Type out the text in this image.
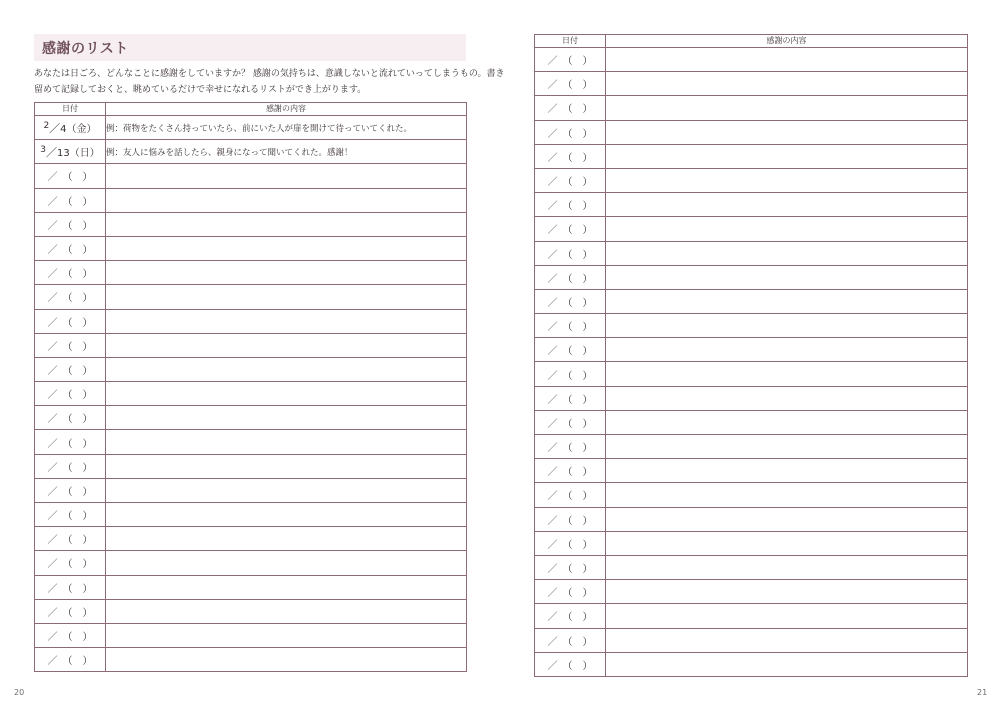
感謝のリスト
あなたは日ごろ、どんなことに感謝をしていますか？ 感謝の気持ちは、意識しないと流れていってしまうもの。書き
留めて記録しておくと、眺めているだけで幸せになれるリストができ上がります。
日付	感謝の内容
2／4（金）	例：荷物をたくさん持っていたら、前にいた人が扉を開けて待っていてくれた。
3／13（日）	例：友人に悩みを話したら、親身になって聞いてくれた。感謝！
／　（　）	
／　（　）	
／　（　）	
／　（　）	
／　（　）	
／　（　）	
／　（　）	
／　（　）	
／　（　）	
／　（　）	
／　（　）	
／　（　）	
／　（　）	
／　（　）	
／　（　）	
／　（　）	
／　（　）	
／　（　）	
／　（　）	
／　（　）	
／　（　）	
20
日付	感謝の内容
／　（　）	
／　（　）	
／　（　）	
／　（　）	
／　（　）	
／　（　）	
／　（　）	
／　（　）	
／　（　）	
／　（　）	
／　（　）	
／　（　）	
／　（　）	
／　（　）	
／　（　）	
／　（　）	
／　（　）	
／　（　）	
／　（　）	
／　（　）	
／　（　）	
／　（　）	
／　（　）	
／　（　）	
／　（　）	
／　（　）	
21
